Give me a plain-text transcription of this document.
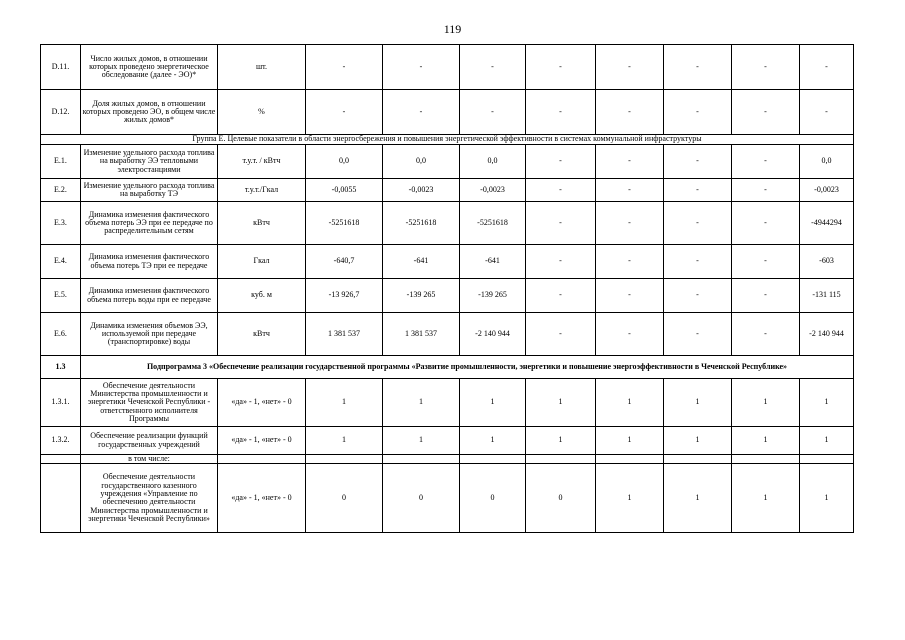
119
D.11.	Число жилых домов, в отношении которых проведено энергетическое обследование (далее - ЭО)*	шт.	-	-	-	-	-	-	-	-
D.12.	Доля жилых домов, в отношении которых проведено ЭО, в общем числе жилых домов*	%	-	-	-	-	-	-	-	-
Группа Е. Целевые показатели в области энергосбережения и повышения энергетической эффективности в системах коммунальной инфраструктуры										
E.1.	Изменение удельного расхода топлива на выработку ЭЭ тепловыми электростанциями	т.у.т. / кВтч	0,0	0,0	0,0	-	-	-	-	0,0
E.2.	Изменение удельного расхода топлива на выработку ТЭ	т.у.т./Гкал	-0,0055	-0,0023	-0,0023	-	-	-	-	-0,0023
E.3.	Динамика изменения фактического объема потерь ЭЭ при ее передаче по распределительным сетям	кВтч	-5251618	-5251618	-5251618	-	-	-	-	-4944294
E.4.	Динамика изменения фактического объема потерь ТЭ при ее передаче	Гкал	-640,7	-641	-641	-	-	-	-	-603
E.5.	Динамика изменения фактического объема потерь воды при ее передаче	куб. м	-13 926,7	-139 265	-139 265	-	-	-	-	-131 115
E.6.	Динамика изменения объемов ЭЭ, используемой при передаче (транспортировке) воды	кВтч	1 381 537	1 381 537	-2 140 944	-	-	-	-	-2 140 944
1.3	Подпрограмма 3 «Обеспечение реализации государственной программы «Развитие промышленности, энергетики и повышение энергоэффективности в Чеченской Республике»									
1.3.1.	Обеспечение деятельности Министерства промышленности и энергетики Чеченской Республики - ответственного исполнителя Программы	«да» - 1, «нет» - 0	1	1	1	1	1	1	1	1
1.3.2.	Обеспечение реализации функций государственных учреждений	«да» - 1, «нет» - 0	1	1	1	1	1	1	1	1
	в том числе:									
	Обеспечение деятельности государственного казенного учреждения «Управление по обеспечению деятельности Министерства промышленности и энергетики Чеченской Республики»	«да» - 1, «нет» - 0	0	0	0	0	1	1	1	1
